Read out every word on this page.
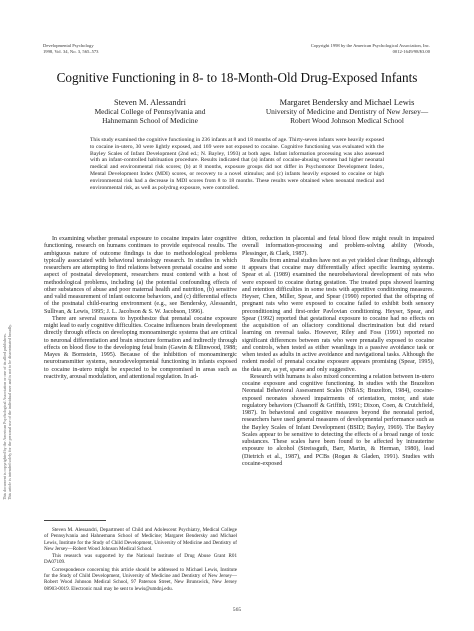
This document is copyrighted by the American Psychological Association or one of its allied publishers. This article is intended solely for the personal use of the individual user and is not to be disseminated broadly.
Developmental Psychology
1998, Vol. 34, No. 3, 565–573
Copyright 1998 by the American Psychological Association, Inc.
0012-1649/98/$3.00
Cognitive Functioning in 8- to 18-Month-Old Drug-Exposed Infants
Steven M. Alessandri
Medical College of Pennsylvania and
Hahnemann School of Medicine
Margaret Bendersky and Michael Lewis
University of Medicine and Dentistry of New Jersey—
Robert Wood Johnson Medical School
This study examined the cognitive functioning in 236 infants at 8 and 18 months of age. Thirty-seven infants were heavily exposed to cocaine in-utero, 30 were lightly exposed, and 169 were not exposed to cocaine. Cognitive functioning was evaluated with the Bayley Scales of Infant Development (2nd ed.; N. Bayley, 1993) at both ages. Infant information processing was also assessed with an infant-controlled habituation procedure. Results indicated that (a) infants of cocaine-abusing women had higher neonatal medical and environmental risk scores; (b) at 8 months, exposure groups did not differ in Psychomotor Development Index, Mental Development Index (MDI) scores, or recovery to a novel stimulus; and (c) infants heavily exposed to cocaine or high environmental risk had a decrease in MDI scores from 8 to 18 months. These results were obtained when neonatal medical and environmental risk, as well as polydrug exposure, were controlled.

In examining whether prenatal exposure to cocaine impairs later cognitive functioning, research on humans continues to provide equivocal results. The ambiguous nature of outcome findings is due to methodological problems typically associated with behavioral teratology research. In studies in which researchers are attempting to find relations between prenatal cocaine and some aspect of postnatal development, researchers must contend with a host of methodological problems, including (a) the potential confounding effects of other substances of abuse and poor maternal health and nutrition, (b) sensitive and valid measurement of infant outcome behaviors, and (c) differential effects of the postnatal child-rearing environment (e.g., see Bendersky, Alessandri, Sullivan, & Lewis, 1995; J. L. Jacobson & S. W. Jacobson, 1996).

There are several reasons to hypothesize that prenatal cocaine exposure might lead to early cognitive difficulties. Cocaine influences brain development directly through effects on developing monoaminergic systems that are critical to neuronal differentiation and brain structure formation and indirectly through effects on blood flow to the developing fetal brain (Gawin & Ellinwood, 1988; Mayes & Bornstein, 1995). Because of the inhibition of monoaminergic neurotransmitter systems, neurodevelopmental functioning in infants exposed to cocaine in-utero might be expected to be compromised in areas such as reactivity, arousal modulation, and attentional regulation. In ad-

Steven M. Alessandri, Department of Child and Adolescent Psychiatry, Medical College of Pennsylvania and Hahnemann School of Medicine; Margaret Bendersky and Michael Lewis, Institute for the Study of Child Development, University of Medicine and Dentistry of New Jersey—Robert Wood Johnson Medical School.

This research was supported by the National Institute of Drug Abuse Grant R01 DA07109.

Correspondence concerning this article should be addressed to Michael Lewis, Institute for the Study of Child Development, University of Medicine and Dentistry of New Jersey—Robert Wood Johnson Medical School, 97 Paterson Street, New Brunswick, New Jersey 08903-0019. Electronic mail may be sent to lewis@umdnj.edu.

dition, reduction in placental and fetal blood flow might result in impaired overall information-processing and problem-solving ability (Woods, Plessinger, & Clark, 1987).

Results from animal studies have not as yet yielded clear findings, although it appears that cocaine may differentially affect specific learning systems. Spear et al. (1989) examined the neurobehavioral development of rats who were exposed to cocaine during gestation. The treated pups showed learning and retention difficulties in some tests with appetitive conditioning measures. Heyser, Chen, Miller, Spear, and Spear (1990) reported that the offspring of pregnant rats who were exposed to cocaine failed to exhibit both sensory preconditioning and first-order Pavlovian conditioning. Heyser, Spear, and Spear (1992) reported that gestational exposure to cocaine had no effects on the acquisition of an olfactory conditional discrimination but did retard learning on reversal tasks. However, Riley and Foss (1991) reported no significant differences between rats who were prenatally exposed to cocaine and controls, when tested as either weanlings in a passive avoidance task or when tested as adults in active avoidance and navigational tasks. Although the rodent model of prenatal cocaine exposure appears promising (Spear, 1995), the data are, as yet, sparse and only suggestive.

Research with humans is also mixed concerning a relation between in-utero cocaine exposure and cognitive functioning. In studies with the Brazelton Neonatal Behavioral Assessment Scales (NBAS; Brazelton, 1984), cocaine-exposed neonates showed impairments of orientation, motor, and state regulatory behaviors (Chasnoff & Griffith, 1991; Dixon, Coen, & Crutchfield, 1987). In behavioral and cognitive measures beyond the neonatal period, researchers have used general measures of developmental performance such as the Bayley Scales of Infant Development (BSID; Bayley, 1969). The Bayley Scales appear to be sensitive to detecting the effects of a broad range of toxic substances. These scales have been found to be affected by intrauterine exposure to alcohol (Streissguth, Barr, Martin, & Herman, 1980), lead (Dietrich et al., 1987), and PCBs (Rogan & Gladen, 1991). Studies with cocaine-exposed

565
